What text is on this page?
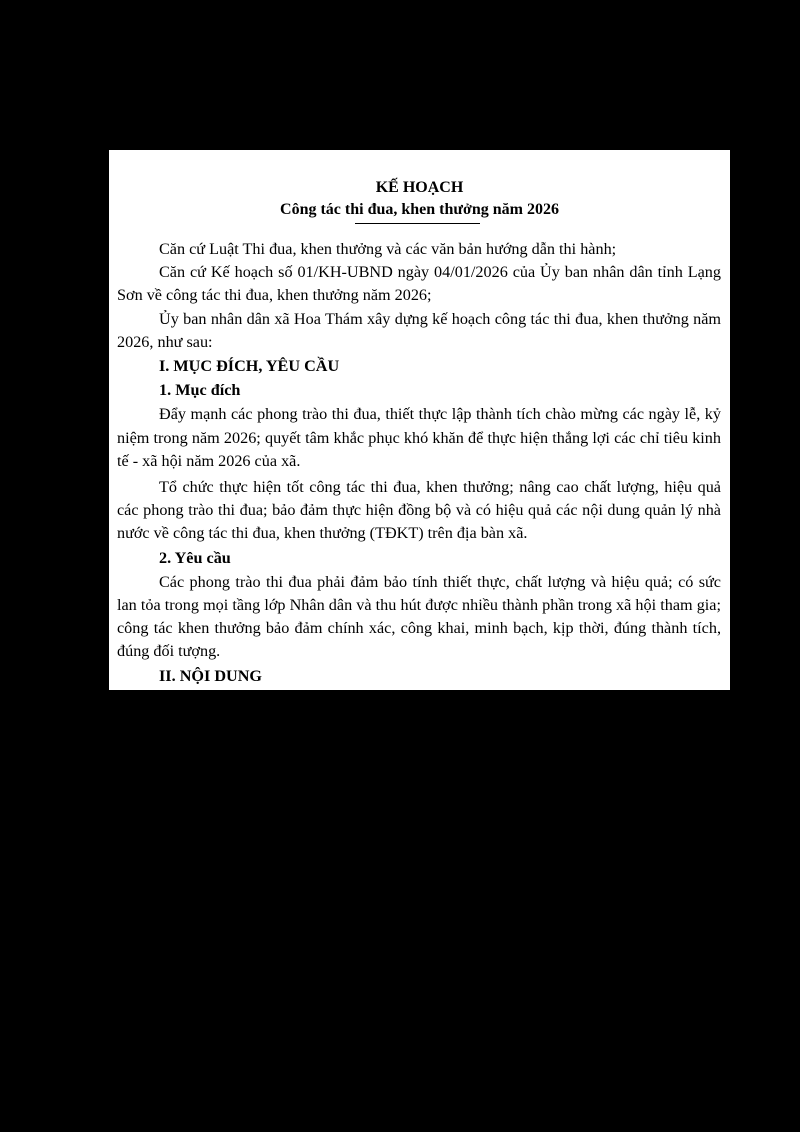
KẾ HOẠCH
Công tác thi đua, khen thưởng năm 2026

Căn cứ Luật Thi đua, khen thưởng và các văn bản hướng dẫn thi hành;

Căn cứ Kế hoạch số 01/KH-UBND ngày 04/01/2026 của Ủy ban nhân dân tỉnh Lạng Sơn về công tác thi đua, khen thưởng năm 2026;

Ủy ban nhân dân xã Hoa Thám xây dựng kế hoạch công tác thi đua, khen thưởng năm 2026, như sau:

I. MỤC ĐÍCH, YÊU CẦU
1. Mục đích

Đẩy mạnh các phong trào thi đua, thiết thực lập thành tích chào mừng các ngày lễ, kỷ niệm trong năm 2026; quyết tâm khắc phục khó khăn để thực hiện thắng lợi các chỉ tiêu kinh tế - xã hội năm 2026 của xã.

Tổ chức thực hiện tốt công tác thi đua, khen thưởng; nâng cao chất lượng, hiệu quả các phong trào thi đua; bảo đảm thực hiện đồng bộ và có hiệu quả các nội dung quản lý nhà nước về công tác thi đua, khen thưởng (TĐKT) trên địa bàn xã.

2. Yêu cầu

Các phong trào thi đua phải đảm bảo tính thiết thực, chất lượng và hiệu quả; có sức lan tỏa trong mọi tầng lớp Nhân dân và thu hút được nhiều thành phần trong xã hội tham gia; công tác khen thưởng bảo đảm chính xác, công khai, minh bạch, kịp thời, đúng thành tích, đúng đối tượng.

II. NỘI DUNG
